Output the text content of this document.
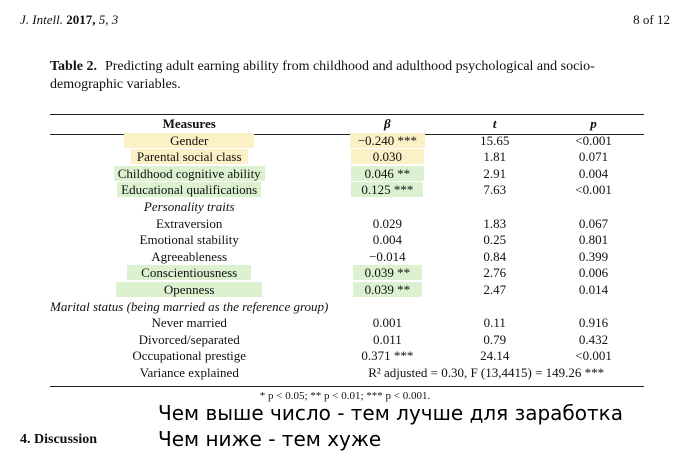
J. Intell. 2017, 5, 3	8 of 12
Table 2. Predicting adult earning ability from childhood and adulthood psychological and socio-demographic variables.
Measures	β	t	p
Gender	−0.240 ***	15.65	<0.001
Parental social class	0.030	1.81	0.071
Childhood cognitive ability	0.046 **	2.91	0.004
Educational qualifications	0.125 ***	7.63	<0.001
Personality traits			
Extraversion	0.029	1.83	0.067
Emotional stability	0.004	0.25	0.801
Agreeableness	−0.014	0.84	0.399
Conscientiousness	0.039 **	2.76	0.006
Openness	0.039 **	2.47	0.014
Marital status (being married as the reference group)			
Never married	0.001	0.11	0.916
Divorced/separated	0.011	0.79	0.432
Occupational prestige	0.371 ***	24.14	<0.001
Variance explained	R² adjusted = 0.30, F (13,4415) = 149.26 ***		
* p < 0.05; ** p < 0.01; *** p < 0.001.
4. Discussion
Чем выше число - тем лучше для заработка
Чем ниже - тем хуже
